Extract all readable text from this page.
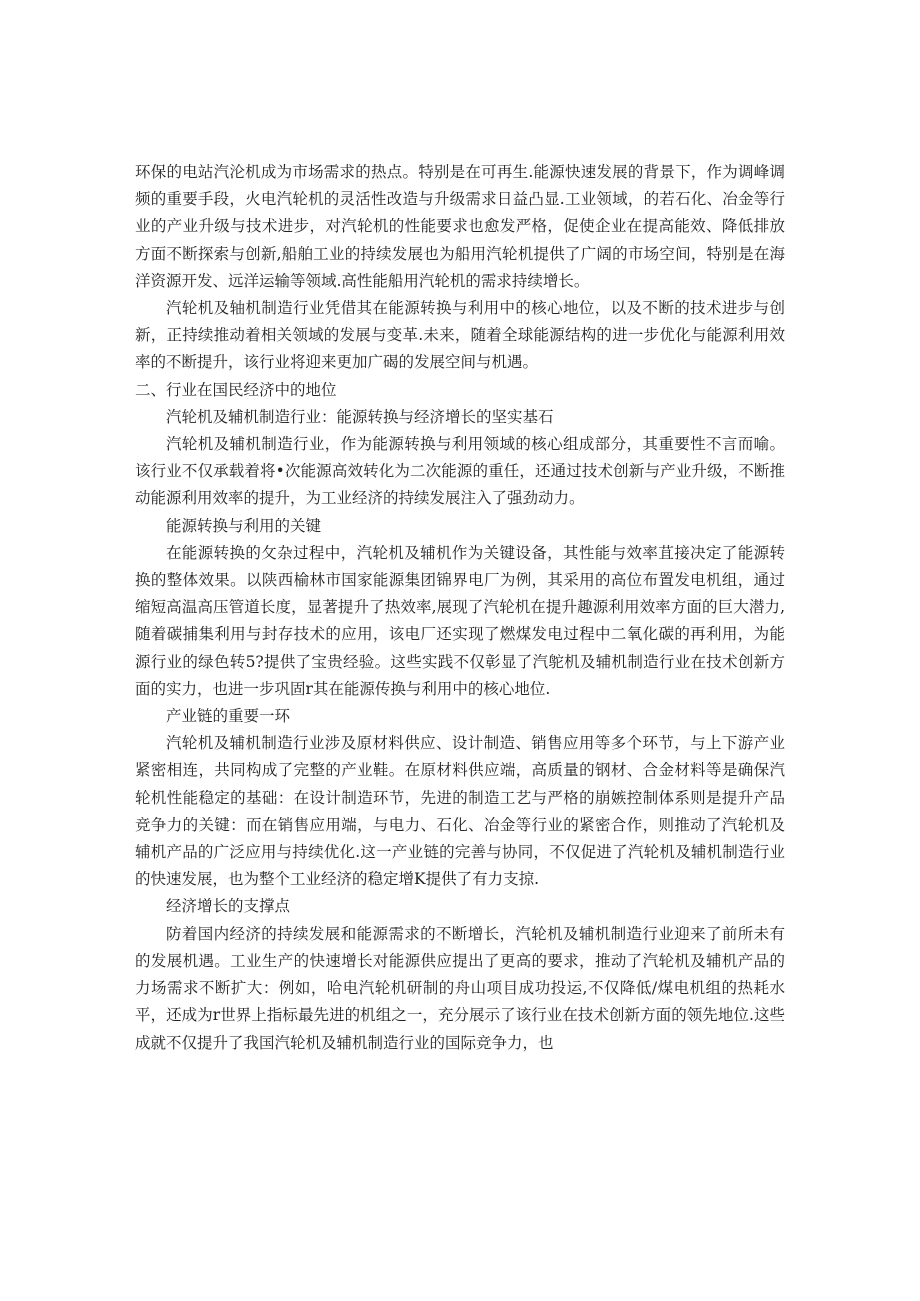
环保的电站汽沦机成为市场需求的热点。特别是在可再生.能源快速发展的背景下，作为调峰调频的重要手段，火电汽轮机的灵活性改造与升级需求日益凸显.工业领域，的若石化、冶金等行业的产业升级与技术进步，对汽轮机的性能要求也愈发严格，促使企业在提高能效、降低排放方面不断探索与创新,船舶工业的持续发展也为船用汽轮机提供了广阔的市场空间，特别是在海洋资源开发、远洋运输等领域.高性能船用汽轮机的需求持续增长。

汽轮机及轴机制造行业凭借其在能源转换与利用中的核心地位，以及不断的技术进步与创新，正持续推动着相关领域的发展与变革.未来，随着全球能源结构的进一步优化与能源利用效率的不断提升，该行业将迎来更加广碣的发展空间与机遇。

二、行业在国民经济中的地位

汽轮机及辅机制造行业：能源转换与经济增长的坚实基石

汽轮机及辅机制造行业，作为能源转换与利用领域的核心组成部分，其重要性不言而喻。该行业不仅承载着将•次能源高效转化为二次能源的重任，还通过技术创新与产业升级，不断推动能源利用效率的提升，为工业经济的持续发展注入了强劲动力。

能源转换与利用的关键

在能源转换的攵杂过程中，汽轮机及辅机作为关键设备，其性能与效率苴接决定了能源转换的整体效果。以陕西榆林市国家能源集团锦界电厂为例，其采用的高位布置发电机组，通过缩短高温高压管道长度，显著提升了热效率,展现了汽轮机在提升趣源利用效率方面的巨大潜力,随着碳捕集利用与封存技术的应用，该电厂还实现了燃煤发电过程中二氧化碳的再利用，为能源行业的绿色转5?提供了宝贵经验。这些实践不仅彰显了汽鸵机及辅机制造行业在技术创新方面的实力，也进一步巩固r其在能源传换与利用中的核心地位.

产业链的重要一环

汽轮机及辅机制造行业涉及原材料供应、设计制造、销售应用等多个环节，与上下游产业紧密相连，共同构成了完整的产业鞋。在原材料供应端，高质量的钢材、合金材料等是确保汽轮机性能稳定的基础：在设计制造环节，先进的制造工艺与严格的崩嫉控制体系则是提升产品竞争力的关键：而在销售应用端，与电力、石化、冶金等行业的紧密合作，则推动了汽轮机及辅机产品的广泛应用与持续优化.这一产业链的完善与协同，不仅促进了汽轮机及辅机制造行业的快速发展，也为整个工业经济的稳定增K提供了有力支掠.

经济增长的支撑点

防着国内经济的持续发展和能源需求的不断增长，汽轮机及辅机制造行业迎来了前所未有的发展机遇。工业生产的快速增长对能源供应提出了更高的要求，推动了汽轮机及辅机产品的力场需求不断扩大：例如，哈电汽轮机研制的舟山项目成功投运,不仅降低/煤电机组的热耗水平，还成为r世界上指标最先进的机组之一，充分展示了该行业在技术创新方面的领先地位.这些成就不仅提升了我国汽轮机及辅机制造行业的国际竞争力，也
